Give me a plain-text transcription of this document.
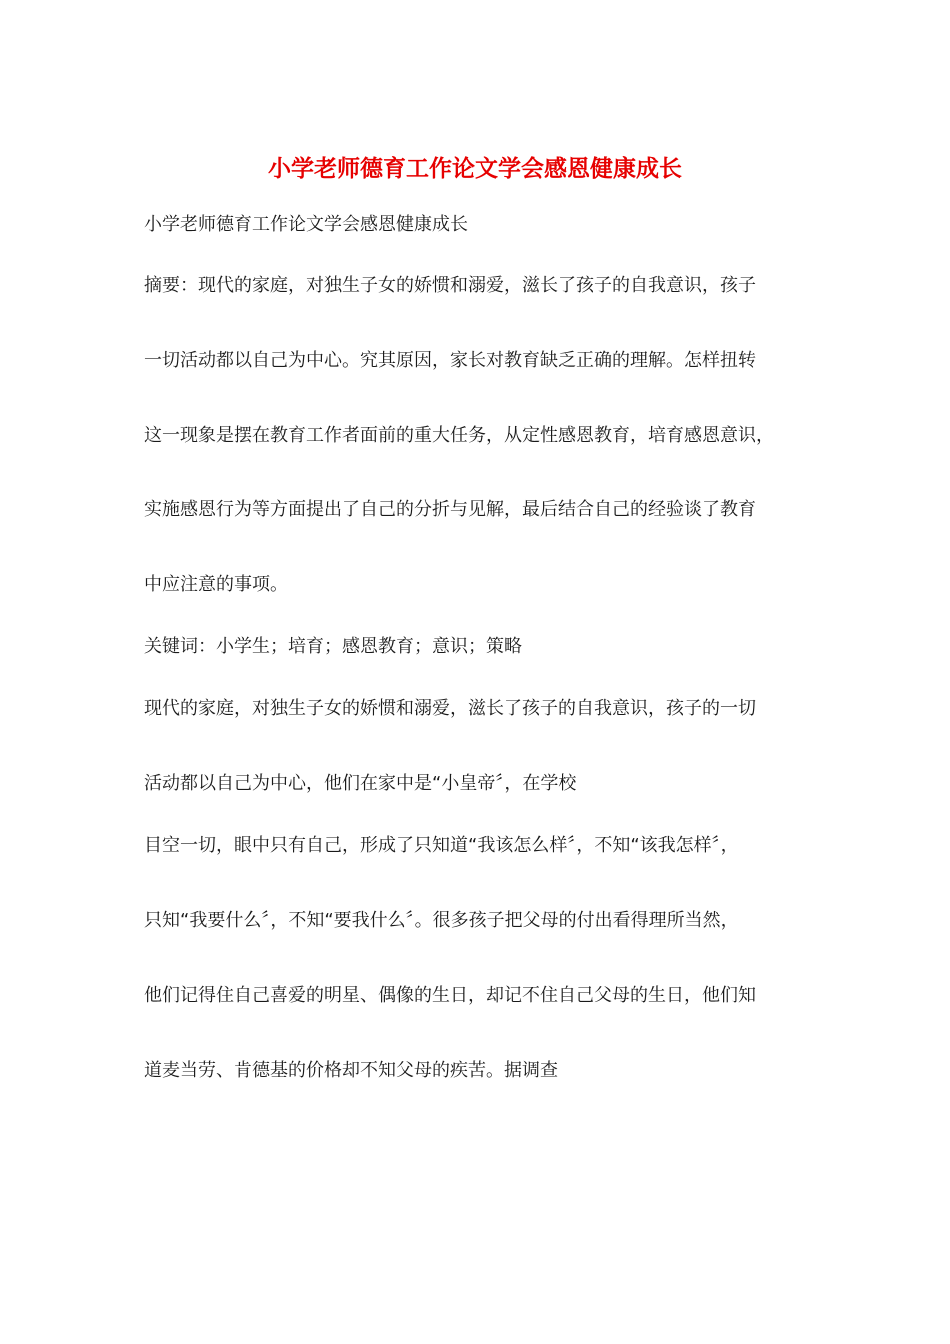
小学老师德育工作论文学会感恩健康成长
小学老师德育工作论文学会感恩健康成长
摘要：现代的家庭，对独生子女的娇惯和溺爱，滋长了孩子的自我意识，孩子
一切活动都以自己为中心。究其原因，家长对教育缺乏正确的理解。怎样扭转
这一现象是摆在教育工作者面前的重大任务，从定性感恩教育，培育感恩意识，
实施感恩行为等方面提出了自己的分折与见解，最后结合自己的经验谈了教育
中应注意的事项。
关键词：小学生；培育；感恩教育；意识；策略
现代的家庭，对独生子女的娇惯和溺爱，滋长了孩子的自我意识，孩子的一切
活动都以自己为中心，他们在家中是“小皇帝〞，在学校
目空一切，眼中只有自己，形成了只知道“我该怎么样〞，不知“该我怎样〞，
只知“我要什么〞，不知“要我什么〞。很多孩子把父母的付出看得理所当然，
他们记得住自己喜爱的明星、偶像的生日，却记不住自己父母的生日，他们知
道麦当劳、肯德基的价格却不知父母的疾苦。据调查
